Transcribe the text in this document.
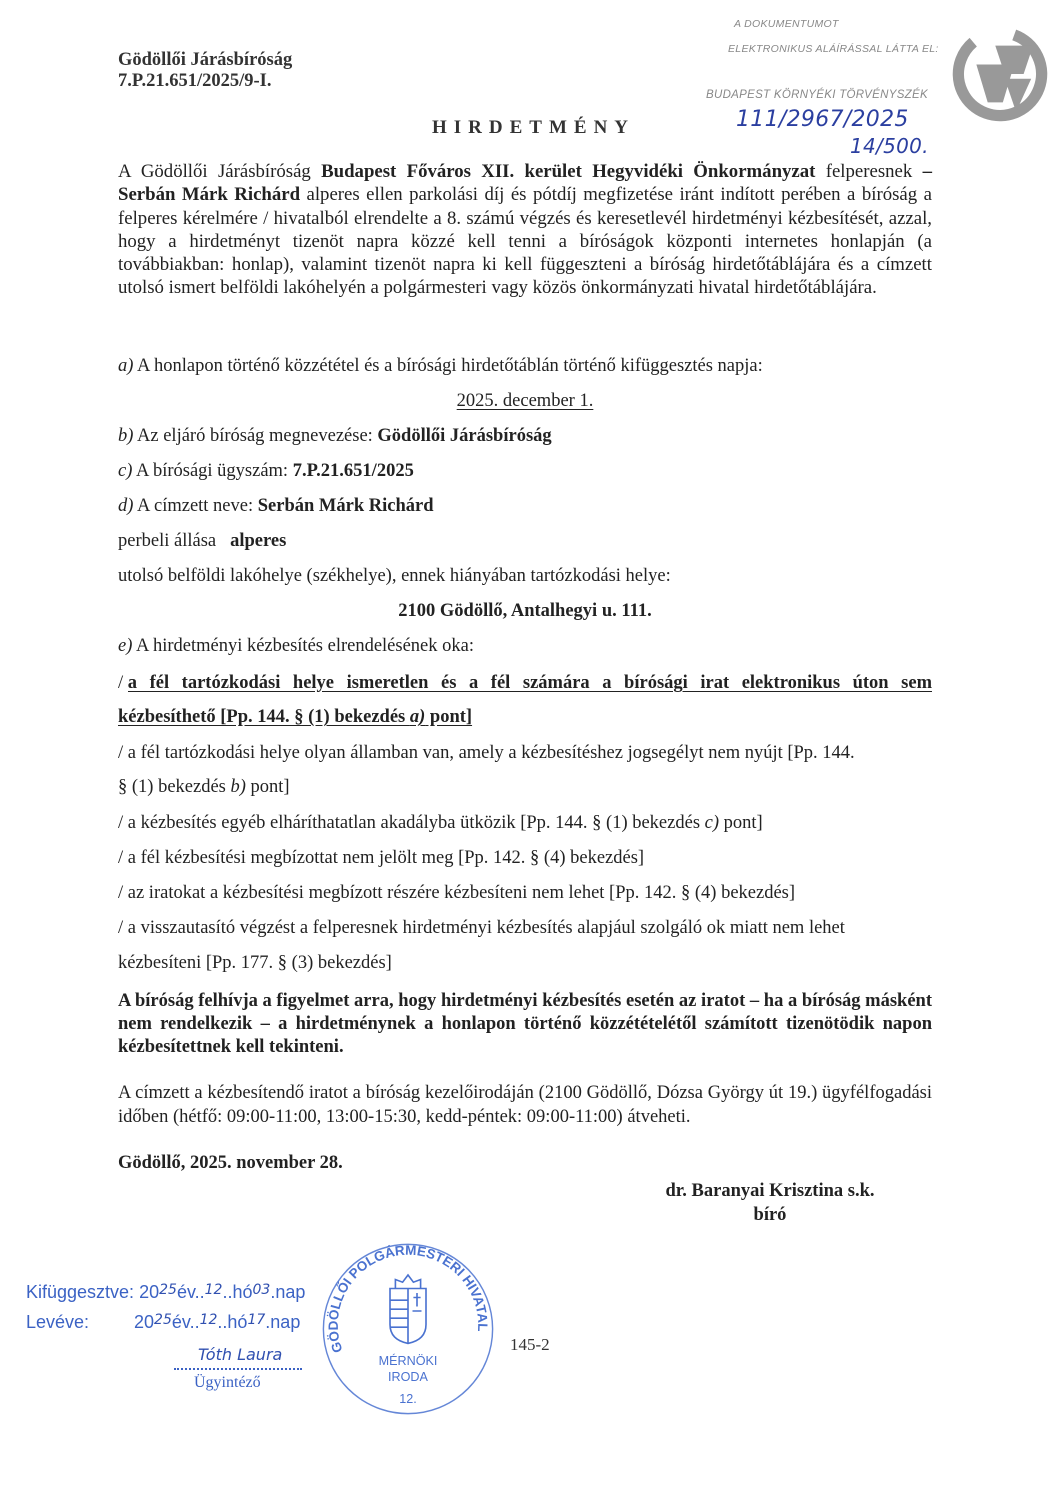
A DOKUMENTUMOT
ELEKTRONIKUS ALÁÍRÁSSAL LÁTTA EL:
BUDAPEST KÖRNYÉKI TÖRVÉNYSZÉK
111/2967/2025
14/500.
Gödöllői Járásbíróság
7.P.21.651/2025/9-I.
HIRDETMÉNY
A Gödöllői Járásbíróság Budapest Főváros XII. kerület Hegyvidéki Önkormányzat felperesnek – Serbán Márk Richárd alperes ellen parkolási díj és pótdíj megfizetése iránt indított perében a bíróság a felperes kérelmére / hivatalból elrendelte a 8. számú végzés és keresetlevél hirdetményi kézbesítését, azzal, hogy a hirdetményt tizenöt napra közzé kell tenni a bíróságok központi internetes honlapján (a továbbiakban: honlap), valamint tizenöt napra ki kell függeszteni a bíróság hirdetőtáblájára és a címzett utolsó ismert belföldi lakóhelyén a polgármesteri vagy közös önkormányzati hivatal hirdetőtáblájára.
a) A honlapon történő közzététel és a bírósági hirdetőtáblán történő kifüggesztés napja:
2025. december 1.
b) Az eljáró bíróság megnevezése: Gödöllői Járásbíróság
c) A bírósági ügyszám: 7.P.21.651/2025
d) A címzett neve: Serbán Márk Richárd
perbeli állása alperes
utolsó belföldi lakóhelye (székhelye), ennek hiányában tartózkodási helye:
2100 Gödöllő, Antalhegyi u. 111.
e) A hirdetményi kézbesítés elrendelésének oka:
/ a fél tartózkodási helye ismeretlen és a fél számára a bírósági irat elektronikus úton sem
kézbesíthető [Pp. 144. § (1) bekezdés a) pont]
/ a fél tartózkodási helye olyan államban van, amely a kézbesítéshez jogsegélyt nem nyújt [Pp. 144.
§ (1) bekezdés b) pont]
/ a kézbesítés egyéb elháríthatatlan akadályba ütközik [Pp. 144. § (1) bekezdés c) pont]
/ a fél kézbesítési megbízottat nem jelölt meg [Pp. 142. § (4) bekezdés]
/ az iratokat a kézbesítési megbízott részére kézbesíteni nem lehet [Pp. 142. § (4) bekezdés]
/ a visszautasító végzést a felperesnek hirdetményi kézbesítés alapjául szolgáló ok miatt nem lehet
kézbesíteni [Pp. 177. § (3) bekezdés]
A bíróság felhívja a figyelmet arra, hogy hirdetményi kézbesítés esetén az iratot – ha a bíróság másként nem rendelkezik – a hirdetménynek a honlapon történő közzétételétől számított tizenötödik napon kézbesítettnek kell tekinteni.
A címzett a kézbesítendő iratot a bíróság kezelőirodáján (2100 Gödöllő, Dózsa György út 19.) ügyfélfogadási időben (hétfő: 09:00-11:00, 13:00-15:30, kedd-péntek: 09:00-11:00) átveheti.
Gödöllő, 2025. november 28.
dr. Baranyai Krisztina s.k.
bíró
Kifüggesztve: $20^{25}év..^{12}..hó^{03}.nap$
Levéve: $20^{25}év..^{12}..hó^{17}.nap$
Tóth Laura
Ügyintéző
GÖDÖLLŐI POLGÁRMESTERI HIVATAL
MÉRNÖKI
IRODA
12.
145-2
